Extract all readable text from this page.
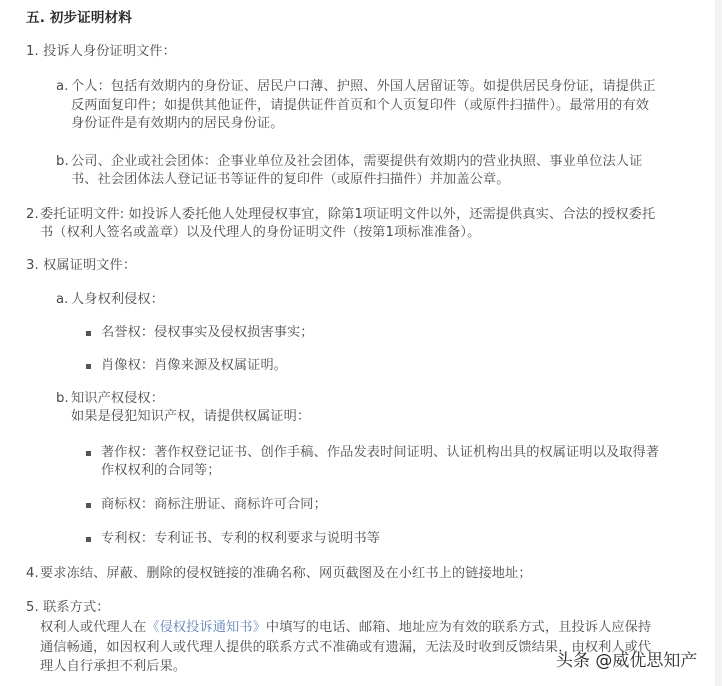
五. 初步证明材料
1. 投诉人身份证明文件：
a. 个人：包括有效期内的身份证、居民户口薄、护照、外国人居留证等。如提供居民身份证，请提供正
反两面复印件；如提供其他证件，请提供证件首页和个人页复印件（或原件扫描件）。最常用的有效
身份证件是有效期内的居民身份证。
b. 公司、企业或社会团体：企事业单位及社会团体，需要提供有效期内的营业执照、事业单位法人证
书、社会团体法人登记证书等证件的复印件（或原件扫描件）并加盖公章。
2. 委托证明文件: 如投诉人委托他人处理侵权事宜，除第1项证明文件以外，还需提供真实、合法的授权委托
书（权利人签名或盖章）以及代理人的身份证明文件（按第1项标准准备）。
3. 权属证明文件：
a. 人身权利侵权：
名誉权：侵权事实及侵权损害事实；
肖像权：肖像来源及权属证明。
b. 知识产权侵权：
如果是侵犯知识产权，请提供权属证明：
著作权：著作权登记证书、创作手稿、作品发表时间证明、认证机构出具的权属证明以及取得著
作权权利的合同等；
商标权：商标注册证、商标许可合同；
专利权：专利证书、专利的权利要求与说明书等
4. 要求冻结、屏蔽、删除的侵权链接的准确名称、网页截图及在小红书上的链接地址；
5. 联系方式：
权利人或代理人在《侵权投诉通知书》中填写的电话、邮箱、地址应为有效的联系方式，且投诉人应保持
通信畅通，如因权利人或代理人提供的联系方式不准确或有遗漏，无法及时收到反馈结果，由权利人或代
理人自行承担不利后果。	头条 @威优思知产
